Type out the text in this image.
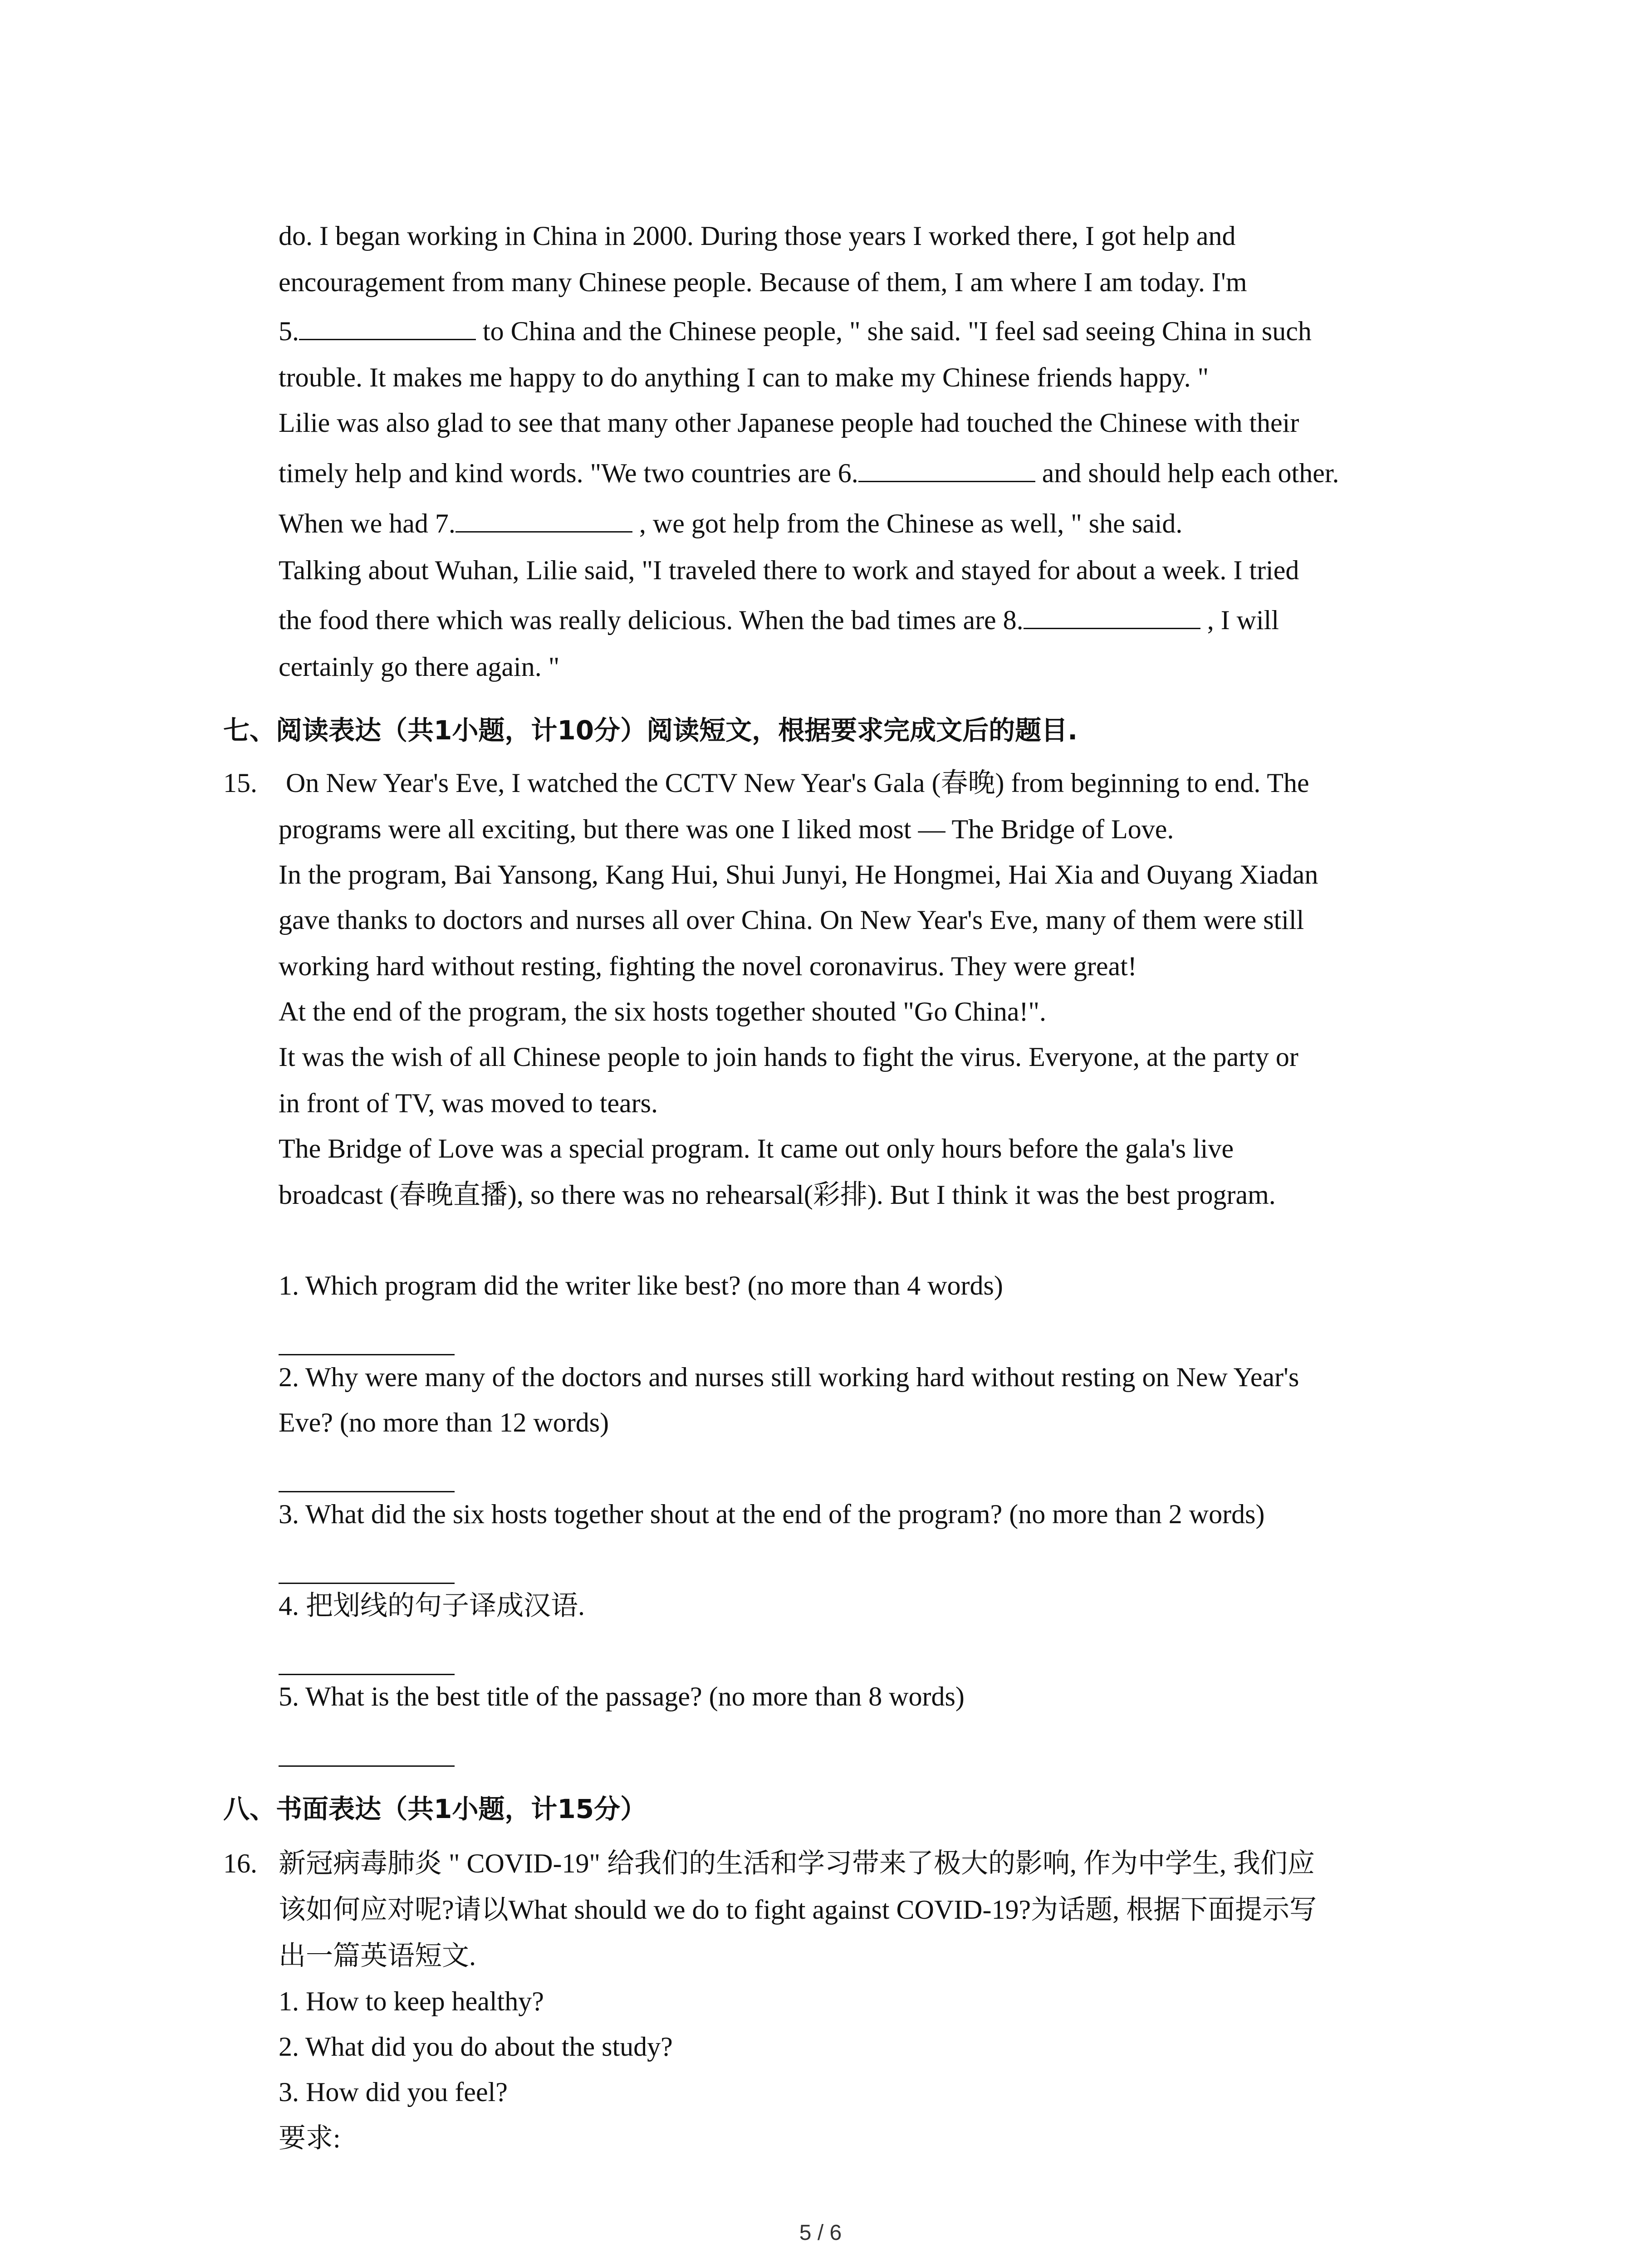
do. I began working in China in 2000. During those years I worked there, I got help and

encouragement from many Chinese people. Because of them, I am where I am today. I'm

5.	to China and the Chinese people, " she said. "I feel sad seeing China in such

trouble. It makes me happy to do anything I can to make my Chinese friends happy. "

Lilie was also glad to see that many other Japanese people had touched the Chinese with their

timely help and kind words. "We two countries are 6.	and should help each other.

When we had 7.	, we got help from the Chinese as well, " she said.

Talking about Wuhan, Lilie said, "I traveled there to work and stayed for about a week. I tried

the food there which was really delicious. When the bad times are 8.	, I will

certainly go there again. "

七、阅读表达（共1小题，计10分）阅读短文，根据要求完成文后的题目.
15. On New Year's Eve, I watched the CCTV New Year's Gala (春晚) from beginning to end. The

programs were all exciting, but there was one I liked most — The Bridge of Love.

In the program, Bai Yansong, Kang Hui, Shui Junyi, He Hongmei, Hai Xia and Ouyang Xiadan

gave thanks to doctors and nurses all over China. On New Year's Eve, many of them were still

working hard without resting, fighting the novel coronavirus. They were great!

At the end of the program, the six hosts together shouted "Go China!".

It was the wish of all Chinese people to join hands to fight the virus. Everyone, at the party or

in front of TV, was moved to tears.

The Bridge of Love was a special program. It came out only hours before the gala's live

broadcast (春晚直播), so there was no rehearsal(彩排). But I think it was the best program.

1. Which program did the writer like best? (no more than 4 words)
2. Why were many of the doctors and nurses still working hard without resting on New Year's
Eve? (no more than 12 words)
3. What did the six hosts together shout at the end of the program? (no more than 2 words)
4. 把划线的句子译成汉语.
5. What is the best title of the passage? (no more than 8 words)
八、书面表达（共1小题，计15分）
16. 新冠病毒肺炎 " COVID-19" 给我们的生活和学习带来了极大的影响, 作为中学生, 我们应

该如何应对呢?请以What should we do to fight against COVID-19?为话题, 根据下面提示写

出一篇英语短文.

1. How to keep healthy?

2. What did you do about the study?

3. How did you feel?

要求:

5 / 6
